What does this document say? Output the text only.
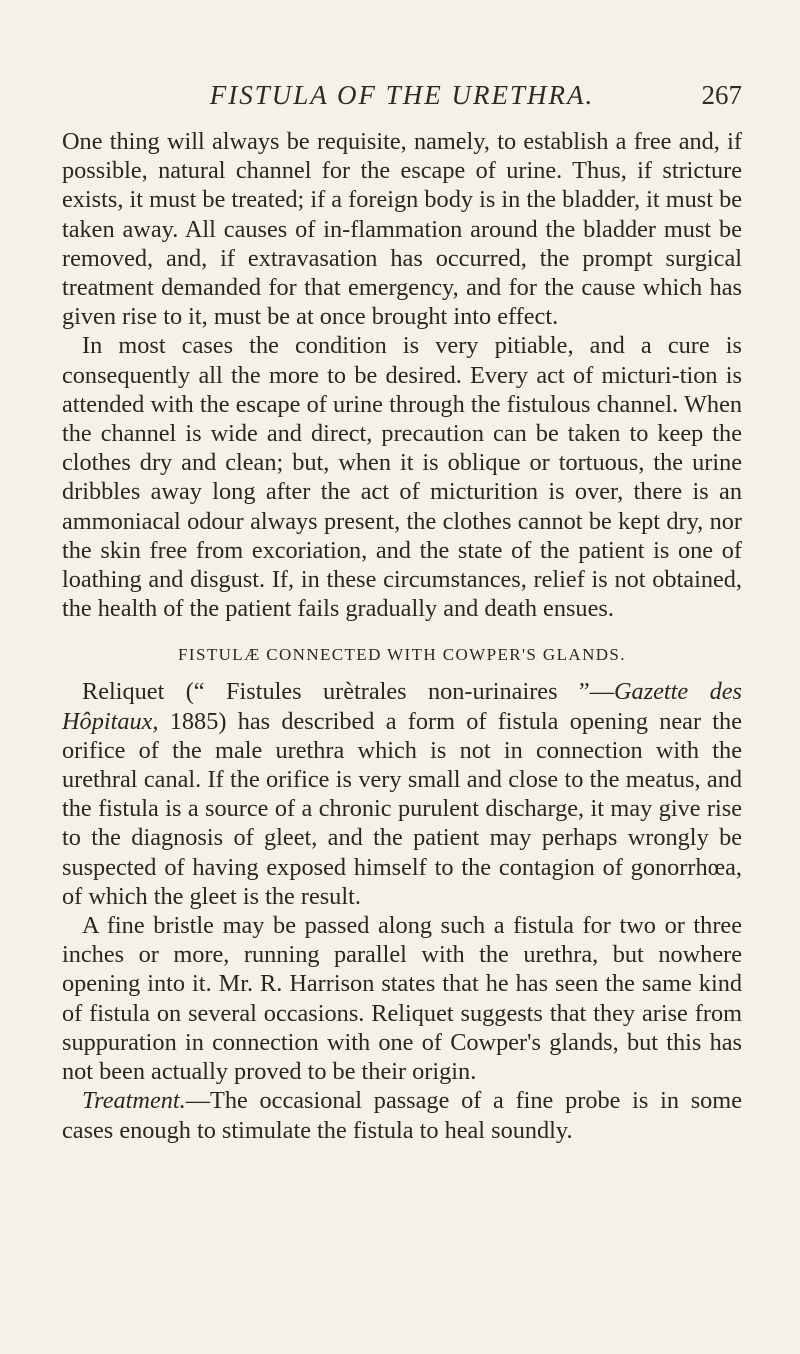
FISTULA OF THE URETHRA.	267

One thing will always be requisite, namely, to establish a free and, if possible, natural channel for the escape of urine. Thus, if stricture exists, it must be treated; if a foreign body is in the bladder, it must be taken away. All causes of in-flammation around the bladder must be removed, and, if extravasation has occurred, the prompt surgical treatment demanded for that emergency, and for the cause which has given rise to it, must be at once brought into effect.

In most cases the condition is very pitiable, and a cure is consequently all the more to be desired. Every act of micturi-tion is attended with the escape of urine through the fistulous channel. When the channel is wide and direct, precaution can be taken to keep the clothes dry and clean; but, when it is oblique or tortuous, the urine dribbles away long after the act of micturition is over, there is an ammoniacal odour always present, the clothes cannot be kept dry, nor the skin free from excoriation, and the state of the patient is one of loathing and disgust. If, in these circumstances, relief is not obtained, the health of the patient fails gradually and death ensues.

FISTULÆ CONNECTED WITH COWPER'S GLANDS.

Reliquet (“ Fistules urètrales non-urinaires ”—Gazette des Hôpitaux, 1885) has described a form of fistula opening near the orifice of the male urethra which is not in connection with the urethral canal. If the orifice is very small and close to the meatus, and the fistula is a source of a chronic purulent discharge, it may give rise to the diagnosis of gleet, and the patient may perhaps wrongly be suspected of having exposed himself to the contagion of gonorrhœa, of which the gleet is the result.

A fine bristle may be passed along such a fistula for two or three inches or more, running parallel with the urethra, but nowhere opening into it. Mr. R. Harrison states that he has seen the same kind of fistula on several occasions. Reliquet suggests that they arise from suppuration in connection with one of Cowper's glands, but this has not been actually proved to be their origin.

Treatment.—The occasional passage of a fine probe is in some cases enough to stimulate the fistula to heal soundly.
